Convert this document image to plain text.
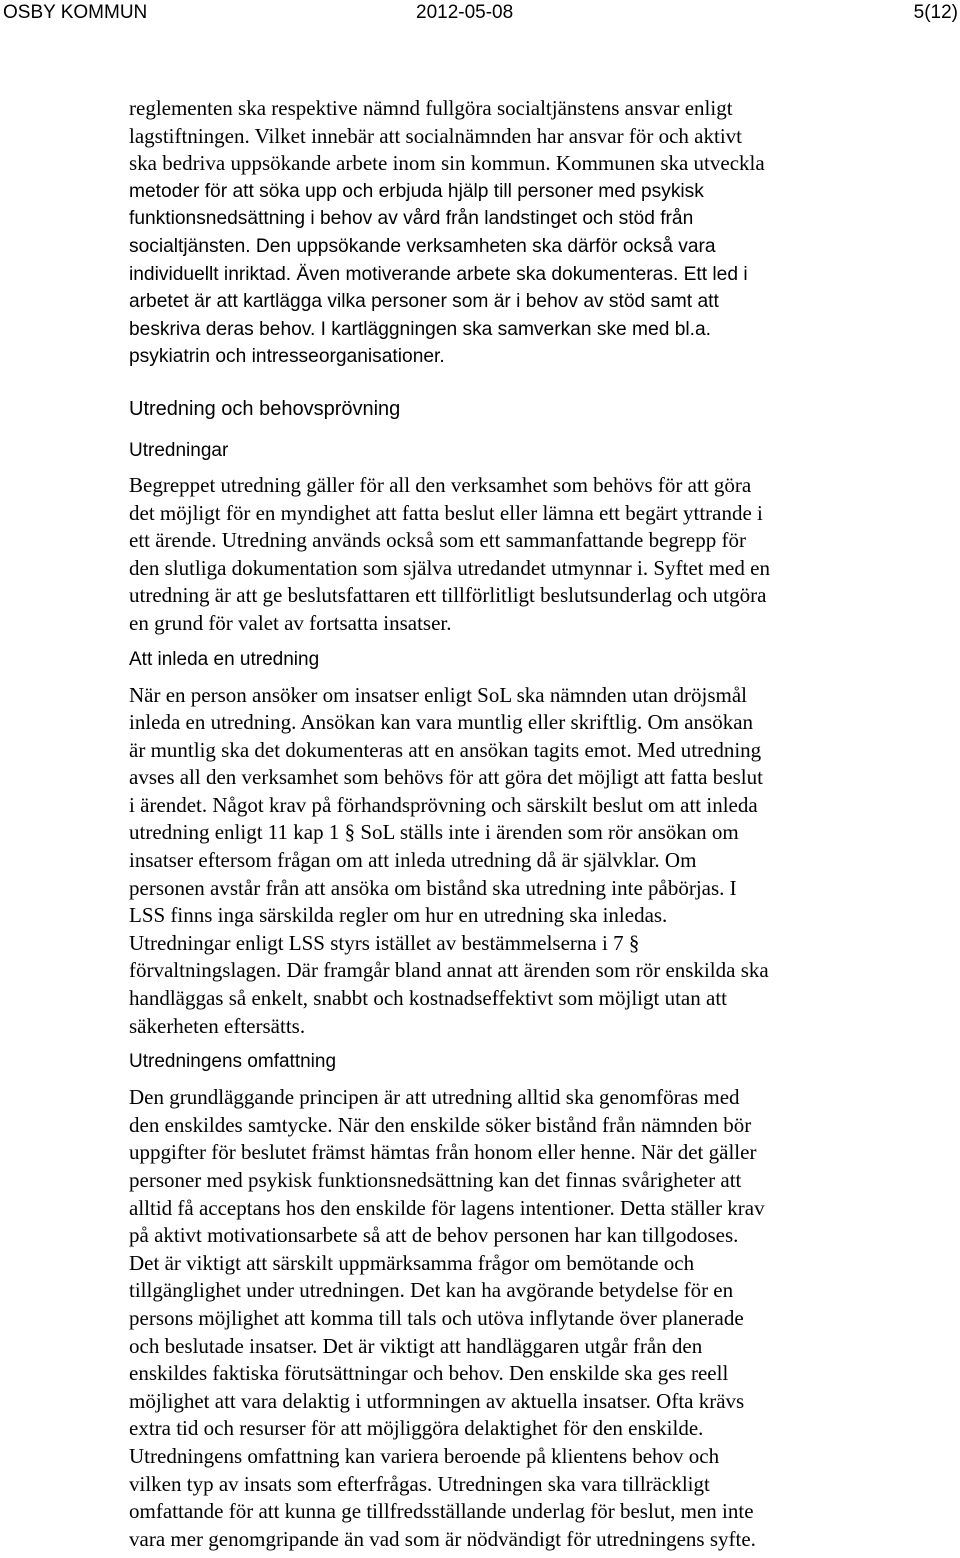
OSBY KOMMUN	2012-05-08	5(12)
reglementen ska respektive nämnd fullgöra socialtjänstens ansvar enligt
lagstiftningen. Vilket innebär att socialnämnden har ansvar för och aktivt
ska bedriva uppsökande arbete inom sin kommun. Kommunen ska utveckla
metoder för att söka upp och erbjuda hjälp till personer med psykisk
funktionsnedsättning i behov av vård från landstinget och stöd från
socialtjänsten. Den uppsökande verksamheten ska därför också vara
individuellt inriktad. Även motiverande arbete ska dokumenteras. Ett led i
arbetet är att kartlägga vilka personer som är i behov av stöd samt att
beskriva deras behov. I kartläggningen ska samverkan ske med bl.a.
psykiatrin och intresseorganisationer.
Utredning och behovsprövning
Utredningar
Begreppet utredning gäller för all den verksamhet som behövs för att göra
det möjligt för en myndighet att fatta beslut eller lämna ett begärt yttrande i
ett ärende. Utredning används också som ett sammanfattande begrepp för
den slutliga dokumentation som själva utredandet utmynnar i. Syftet med en
utredning är att ge beslutsfattaren ett tillförlitligt beslutsunderlag och utgöra
en grund för valet av fortsatta insatser.
Att inleda en utredning
När en person ansöker om insatser enligt SoL ska nämnden utan dröjsmål
inleda en utredning. Ansökan kan vara muntlig eller skriftlig. Om ansökan
är muntlig ska det dokumenteras att en ansökan tagits emot. Med utredning
avses all den verksamhet som behövs för att göra det möjligt att fatta beslut
i ärendet. Något krav på förhandsprövning och särskilt beslut om att inleda
utredning enligt 11 kap 1 § SoL ställs inte i ärenden som rör ansökan om
insatser eftersom frågan om att inleda utredning då är självklar. Om
personen avstår från att ansöka om bistånd ska utredning inte påbörjas. I
LSS finns inga särskilda regler om hur en utredning ska inledas.
Utredningar enligt LSS styrs istället av bestämmelserna i 7 §
förvaltningslagen. Där framgår bland annat att ärenden som rör enskilda ska
handläggas så enkelt, snabbt och kostnadseffektivt som möjligt utan att
säkerheten eftersätts.
Utredningens omfattning
Den grundläggande principen är att utredning alltid ska genomföras med
den enskildes samtycke. När den enskilde söker bistånd från nämnden bör
uppgifter för beslutet främst hämtas från honom eller henne. När det gäller
personer med psykisk funktionsnedsättning kan det finnas svårigheter att
alltid få acceptans hos den enskilde för lagens intentioner. Detta ställer krav
på aktivt motivationsarbete så att de behov personen har kan tillgodoses.
Det är viktigt att särskilt uppmärksamma frågor om bemötande och
tillgänglighet under utredningen. Det kan ha avgörande betydelse för en
persons möjlighet att komma till tals och utöva inflytande över planerade
och beslutade insatser. Det är viktigt att handläggaren utgår från den
enskildes faktiska förutsättningar och behov. Den enskilde ska ges reell
möjlighet att vara delaktig i utformningen av aktuella insatser. Ofta krävs
extra tid och resurser för att möjliggöra delaktighet för den enskilde.
Utredningens omfattning kan variera beroende på klientens behov och
vilken typ av insats som efterfrågas. Utredningen ska vara tillräckligt
omfattande för att kunna ge tillfredsställande underlag för beslut, men inte
vara mer genomgripande än vad som är nödvändigt för utredningens syfte.
